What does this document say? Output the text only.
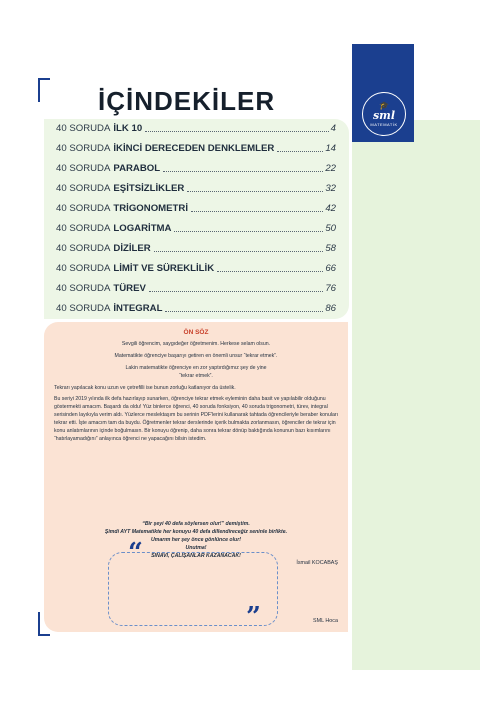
🎓
sml
MATEMATİK
İÇİNDEKİLER
40 SORUDA İLK 10	4
40 SORUDA İKİNCİ DERECEDEN DENKLEMLER	14
40 SORUDA PARABOL	22
40 SORUDA EŞİTSİZLİKLER	32
40 SORUDA TRİGONOMETRİ	42
40 SORUDA LOGARİTMA	50
40 SORUDA DİZİLER	58
40 SORUDA LİMİT VE SÜREKLİLİK	66
40 SORUDA TÜREV	76
40 SORUDA İNTEGRAL	86
ÖN SÖZ
Sevgili öğrencim, saygıdeğer öğretmenim. Herkese selam olsun.
Matematikte öğrenciye başarıyı getiren en önemli unsur “tekrar etmek”.
Lakin matematikte öğrenciye en zor yaptırdığımız şey de yine
“tekrar etmek”.
Tekrarı yapılacak konu uzun ve çetrefilli ise bunun zorluğu katlanıyor da üstelik.
Bu seriyi 2019 yılında ilk defa hazırlayıp sunarken, öğrenciye tekrar etmek eyleminin daha basit ve yapılabilir olduğunu göstermekti amacım. Başardı da oldu! Yüz binlerce öğrenci, 40 soruda fonksiyon, 40 soruda trigonometri, türev, integral serisinden layıkıyla verim aldı. Yüzlerce meslektaşım bu serinin PDF'lerini kullanarak tahtada öğrencileriyle beraber konuları tekrar etti. İşte amacım tam da buydu. Öğretmenler tekrar derslerinde içerik bulmakta zorlanmasın, öğrenciler de tekrar için konu anlatımlarının içinde boğulmasın. Bir konuyu öğrenip, daha sonra tekrar dönüp baktığında konunun bazı kısımlarını “hatırlayamadığını” anlayınca öğrenci ne yapacağını bilsin istedim.
“Bir şeyi 40 defa söylersen olur!” demiştim.
Şimdi AYT Matematikte her konuyu 40 defa dillendireceğiz seninle birlikte.
Umarım her şey önce gönlünce olur!
Unutma!
SINAVI, ÇALIŞANLAR KAZANACAK!
İsmail KOCABAŞ
SML Hoca
“
”
